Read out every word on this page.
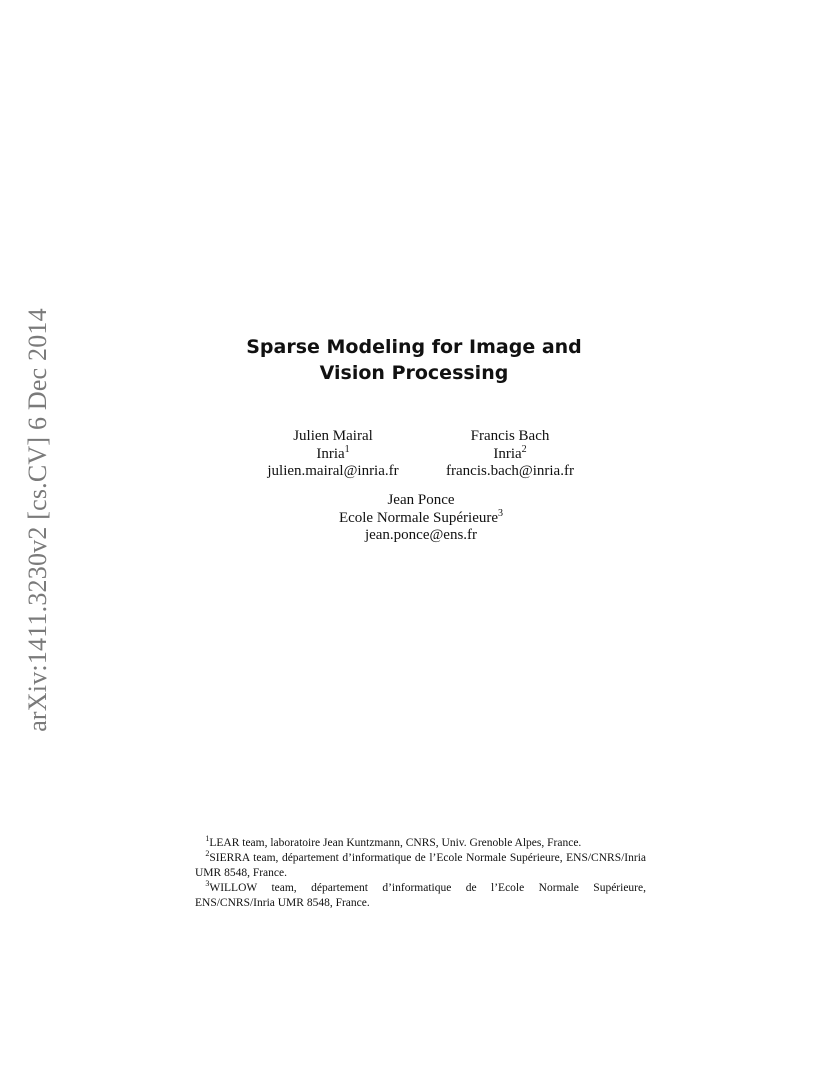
arXiv:1411.3230v2 [cs.CV] 6 Dec 2014	Sparse Modeling for Image and
Vision Processing
Julien Mairal
Inria$^1$
julien.mairal@inria.fr
Francis Bach
Inria$^2$
francis.bach@inria.fr
Jean Ponce
Ecole Normale Supérieure$^3$
jean.ponce@ens.fr

$^1$LEAR team, laboratoire Jean Kuntzmann, CNRS, Univ. Grenoble Alpes, France.

$^2$SIERRA team, département d’informatique de l’Ecole Normale Supérieure, ENS/CNRS/Inria UMR 8548, France.

$^3$WILLOW team, département d’informatique de l’Ecole Normale Supérieure, ENS/CNRS/Inria UMR 8548, France.
